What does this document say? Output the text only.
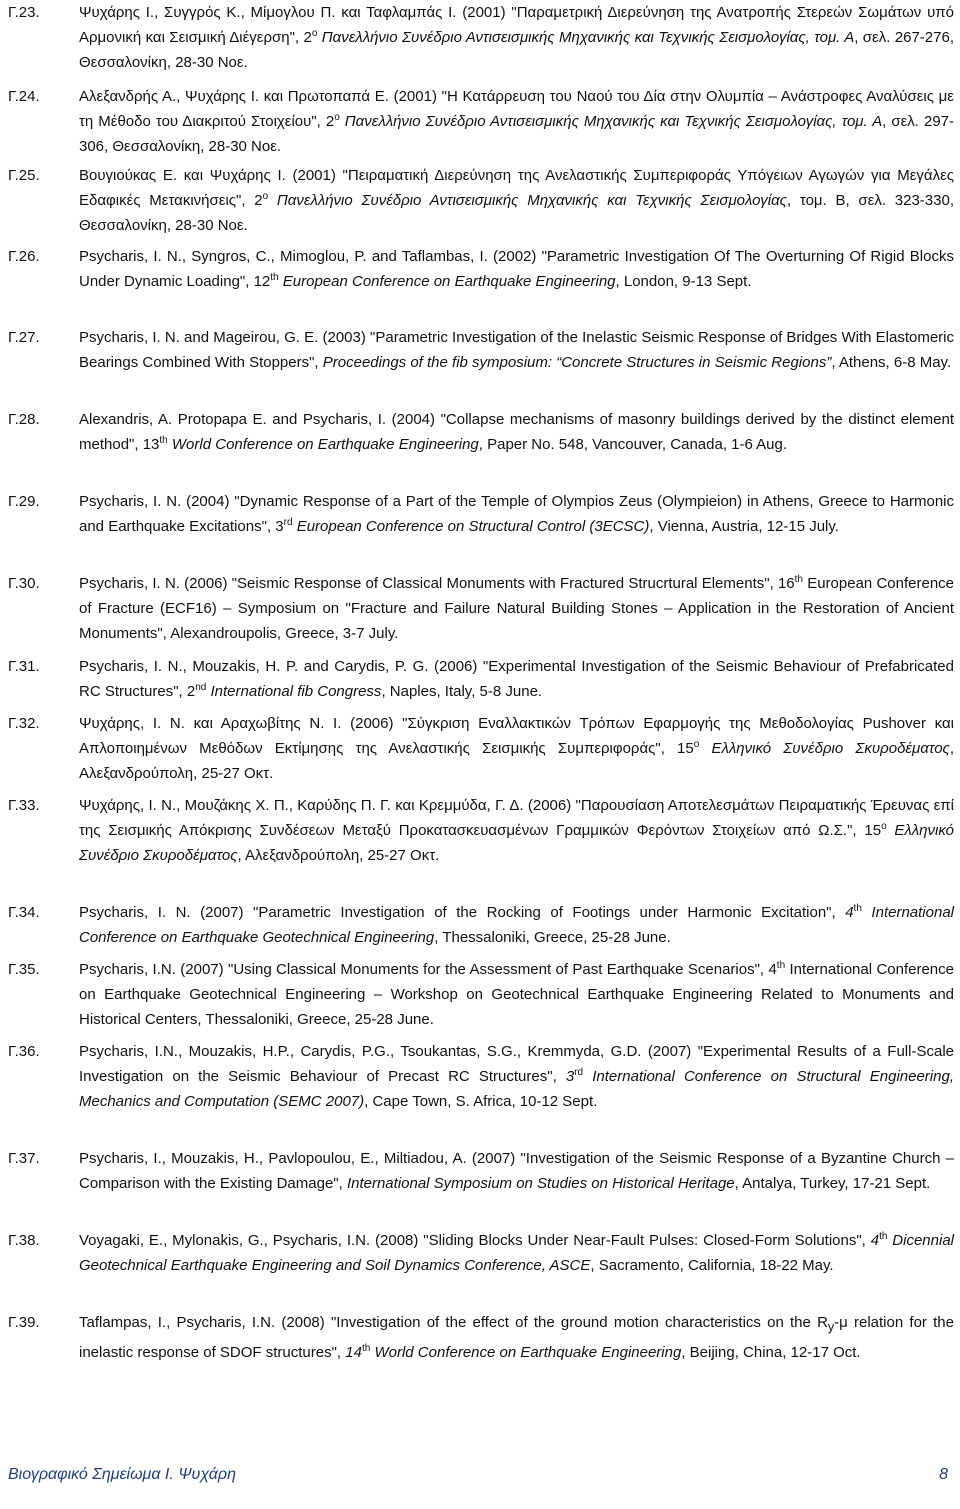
Γ.23.	Ψυχάρης Ι., Συγγρός Κ., Μίμογλου Π. και Ταφλαμπάς Ι. (2001) "Παραμετρική Διερεύνηση της Ανατροπής Στερεών Σωμάτων υπό Αρμονική και Σεισμική Διέγερση", $2^o$ Πανελλήνιο Συνέδριο Αντισεισμικής Μηχανικής και Τεχνικής Σεισμολογίας, τομ. Α, σελ. 267-276, Θεσσαλονίκη, 28-30 Νοε.
Γ.24.	Αλεξανδρής Α., Ψυχάρης Ι. και Πρωτοπαπά Ε. (2001) "Η Κατάρρευση του Ναού του Δία στην Ολυμπία – Ανάστροφες Αναλύσεις με τη Μέθοδο του Διακριτού Στοιχείου", $2^o$ Πανελλήνιο Συνέδριο Αντισεισμικής Μηχανικής και Τεχνικής Σεισμολογίας, τομ. Α, σελ. 297-306, Θεσσαλονίκη, 28-30 Νοε.
Γ.25.	Βουγιούκας Ε. και Ψυχάρης Ι. (2001) "Πειραματική Διερεύνηση της Ανελαστικής Συμπεριφοράς Υπόγειων Αγωγών για Μεγάλες Εδαφικές Μετακινήσεις", $2^o$ Πανελλήνιο Συνέδριο Αντισεισμικής Μηχανικής και Τεχνικής Σεισμολογίας, τομ. Β, σελ. 323-330, Θεσσαλονίκη, 28-30 Νοε.
Γ.26.	Psycharis, I. N., Syngros, C., Mimoglou, P. and Taflambas, I. (2002) "Parametric Investigation Of The Overturning Of Rigid Blocks Under Dynamic Loading", 12th European Conference on Earthquake Engineering, London, 9-13 Sept.
Γ.27.	Psycharis, I. N. and Mageirou, G. E. (2003) "Parametric Investigation of the Inelastic Seismic Response of Bridges With Elastomeric Bearings Combined With Stoppers", Proceedings of the fib symposium: “Concrete Structures in Seismic Regions”, Athens, 6-8 May.
Γ.28.	Alexandris, A. Protopapa E. and Psycharis, I. (2004) "Collapse mechanisms of masonry buildings derived by the distinct element method", 13th World Conference on Earthquake Engineering, Paper No. 548, Vancouver, Canada, 1-6 Aug.
Γ.29.	Psycharis, I. N. (2004) "Dynamic Response of a Part of the Temple of Olympios Zeus (Olympieion) in Athens, Greece to Harmonic and Earthquake Excitations", 3rd European Conference on Structural Control (3ECSC), Vienna, Austria, 12-15 July.
Γ.30.	Psycharis, I. N. (2006) "Seismic Response of Classical Monuments with Fractured Strucrtural Elements", 16th European Conference of Fracture (ECF16) – Symposium on "Fracture and Failure Natural Building Stones – Application in the Restoration of Ancient Monuments", Alexandroupolis, Greece, 3-7 July.
Γ.31.	Psycharis, I. N., Mouzakis, H. P. and Carydis, P. G. (2006) "Experimental Investigation of the Seismic Behaviour of Prefabricated RC Structures", 2nd International fib Congress, Naples, Italy, 5-8 June.
Γ.32.	Ψυχάρης, Ι. Ν. και Αραχωβίτης Ν. Ι. (2006) "Σύγκριση Εναλλακτικών Τρόπων Εφαρμογής της Μεθοδολογίας Pushover και Απλοποιημένων Μεθόδων Εκτίμησης της Ανελαστικής Σεισμικής Συμπεριφοράς", $15^o$ Ελληνικό Συνέδριο Σκυροδέματος, Αλεξανδρούπολη, 25-27 Οκτ.
Γ.33.	Ψυχάρης, Ι. Ν., Μουζάκης Χ. Π., Καρύδης Π. Γ. και Κρεμμύδα, Γ. Δ. (2006) "Παρουσίαση Αποτελεσμάτων Πειραματικής Έρευνας επί της Σεισμικής Απόκρισης Συνδέσεων Μεταξύ Προκατασκευασμένων Γραμμικών Φερόντων Στοιχείων από Ω.Σ.", $15^o$ Ελληνικό Συνέδριο Σκυροδέματος, Αλεξανδρούπολη, 25-27 Οκτ.
Γ.34.	Psycharis, I. N. (2007) "Parametric Investigation of the Rocking of Footings under Harmonic Excitation", 4th International Conference on Earthquake Geotechnical Engineering, Thessaloniki, Greece, 25-28 June.
Γ.35.	Psycharis, I.N. (2007) "Using Classical Monuments for the Assessment of Past Earthquake Scenarios", 4th International Conference on Earthquake Geotechnical Engineering – Workshop on Geotechnical Earthquake Engineering Related to Monuments and Historical Centers, Thessaloniki, Greece, 25-28 June.
Γ.36.	Psycharis, I.N., Mouzakis, H.P., Carydis, P.G., Tsoukantas, S.G., Kremmyda, G.D. (2007) "Experimental Results of a Full-Scale Investigation on the Seismic Behaviour of Precast RC Structures", 3rd International Conference on Structural Engineering, Mechanics and Computation (SEMC 2007), Cape Town, S. Africa, 10-12 Sept.
Γ.37.	Psycharis, I., Mouzakis, H., Pavlopoulou, E., Miltiadou, A. (2007) "Investigation of the Seismic Response of a Byzantine Church – Comparison with the Existing Damage", International Symposium on Studies on Historical Heritage, Antalya, Turkey, 17-21 Sept.
Γ.38.	Voyagaki, E., Mylonakis, G., Psycharis, I.N. (2008) "Sliding Blocks Under Near-Fault Pulses: Closed-Form Solutions", 4th Dicennial Geotechnical Earthquake Engineering and Soil Dynamics Conference, ASCE, Sacramento, California, 18-22 May.
Γ.39.	Taflampas, I., Psycharis, I.N. (2008) "Investigation of the effect of the ground motion characteristics on the $R_y-\mu$ relation for the inelastic response of SDOF structures", 14th World Conference on Earthquake Engineering, Beijing, China, 12-17 Oct.
Βιογραφικό Σημείωμα Ι. Ψυχάρη	8
